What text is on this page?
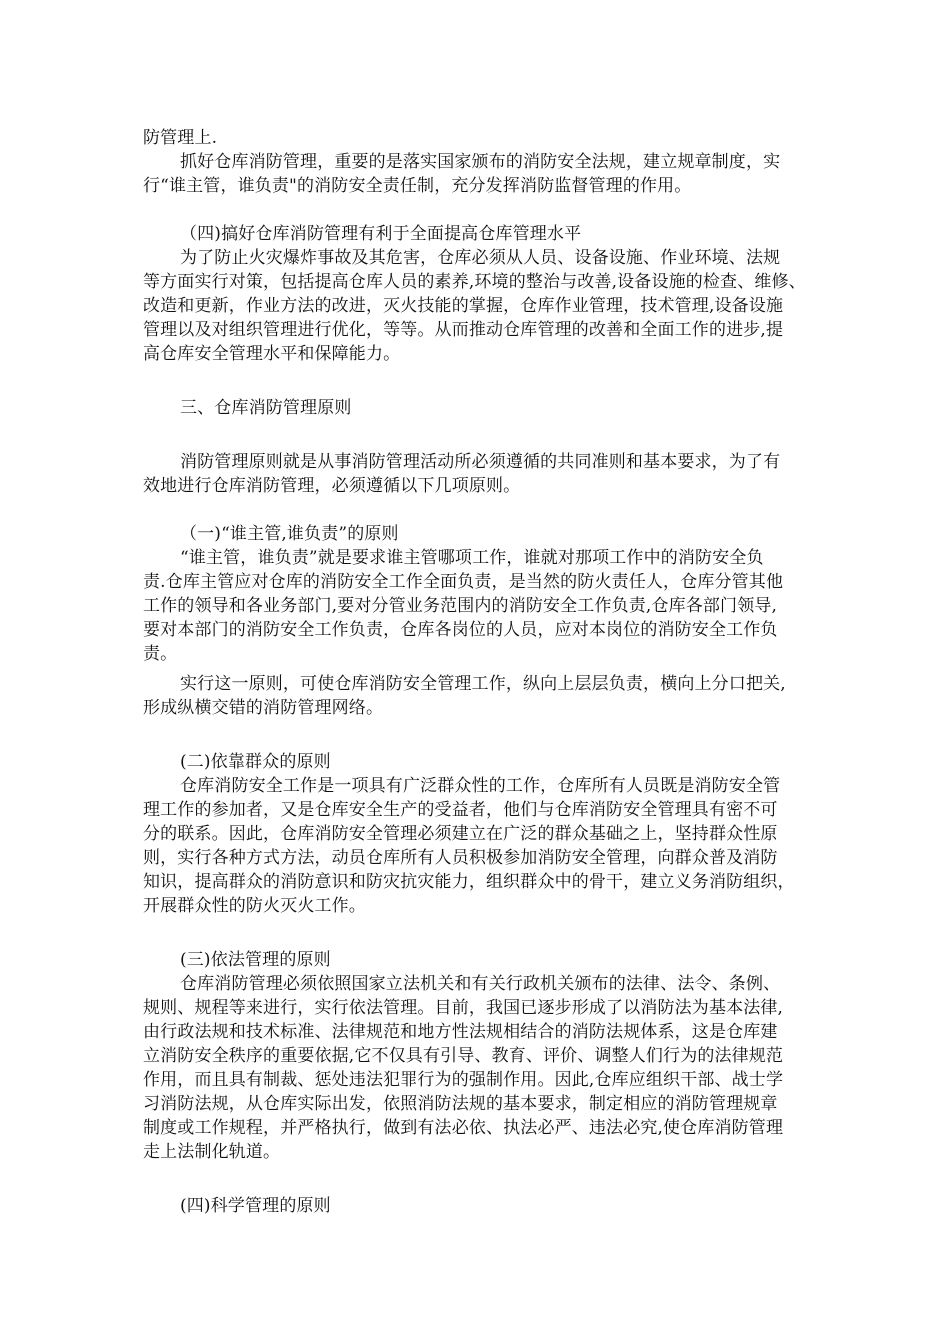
防管理上.
抓好仓库消防管理，重要的是落实国家颁布的消防安全法规，建立规章制度，实
行“谁主管，谁负责"的消防安全责任制，充分发挥消防监督管理的作用。
（四)搞好仓库消防管理有利于全面提高仓库管理水平
为了防止火灾爆炸事故及其危害，仓库必须从人员、设备设施、作业环境、法规
等方面实行对策，包括提高仓库人员的素养,环境的整治与改善,设备设施的检查、维修、
改造和更新，作业方法的改进，灭火技能的掌握，仓库作业管理，技术管理,设备设施
管理以及对组织管理进行优化，等等。从而推动仓库管理的改善和全面工作的进步,提
高仓库安全管理水平和保障能力。
三、仓库消防管理原则
消防管理原则就是从事消防管理活动所必须遵循的共同准则和基本要求，为了有
效地进行仓库消防管理，必须遵循以下几项原则。
（一)“谁主管,谁负责”的原则
“谁主管，谁负责”就是要求谁主管哪项工作，谁就对那项工作中的消防安全负
责.仓库主管应对仓库的消防安全工作全面负责，是当然的防火责任人，仓库分管其他
工作的领导和各业务部门,要对分管业务范围内的消防安全工作负责,仓库各部门领导,
要对本部门的消防安全工作负责，仓库各岗位的人员，应对本岗位的消防安全工作负
责。
实行这一原则，可使仓库消防安全管理工作，纵向上层层负责，横向上分口把关,
形成纵横交错的消防管理网络。
(二)依靠群众的原则
仓库消防安全工作是一项具有广泛群众性的工作，仓库所有人员既是消防安全管
理工作的参加者，又是仓库安全生产的受益者，他们与仓库消防安全管理具有密不可
分的联系。因此，仓库消防安全管理必须建立在广泛的群众基础之上，坚持群众性原
则，实行各种方式方法，动员仓库所有人员积极参加消防安全管理，向群众普及消防
知识，提高群众的消防意识和防灾抗灾能力，组织群众中的骨干，建立义务消防组织，
开展群众性的防火灭火工作。
(三)依法管理的原则
仓库消防管理必须依照国家立法机关和有关行政机关颁布的法律、法令、条例、
规则、规程等来进行，实行依法管理。目前，我国已逐步形成了以消防法为基本法律,
由行政法规和技术标准、法律规范和地方性法规相结合的消防法规体系，这是仓库建
立消防安全秩序的重要依据,它不仅具有引导、教育、评价、调整人们行为的法律规范
作用，而且具有制裁、惩处违法犯罪行为的强制作用。因此,仓库应组织干部、战士学
习消防法规，从仓库实际出发，依照消防法规的基本要求，制定相应的消防管理规章
制度或工作规程，并严格执行，做到有法必依、执法必严、违法必究,使仓库消防管理
走上法制化轨道。
(四)科学管理的原则
